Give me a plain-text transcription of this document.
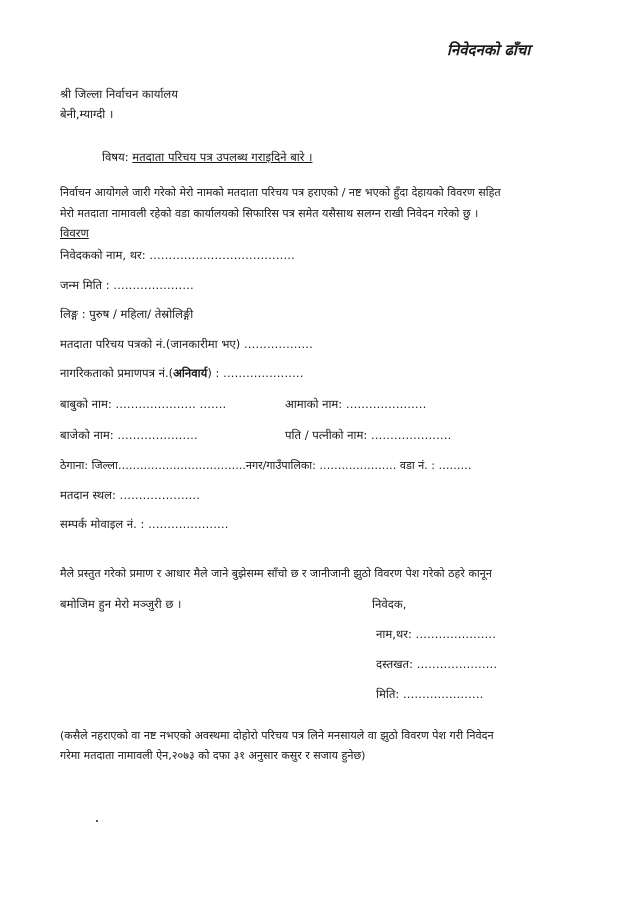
निवेदनको ढाँचा
श्री जिल्ला निर्वाचन कार्यालय
बेनी,म्याग्दी ।
विषय: मतदाता परिचय पत्र उपलब्ध गराइदिने बारे ।
निर्वाचन आयोगले जारी गरेको मेरो नामको मतदाता परिचय पत्र हराएको / नष्ट भएको हुँदा देहायको विवरण सहित
मेरो मतदाता नामावली रहेको वडा कार्यालयको सिफारिस पत्र समेत यसैसाथ सलग्न राखी निवेदन गरेको छु ।
विवरण
निवेदकको नाम, थर: ………………………………..
जन्म मिति : …………………
लिङ्ग : पुरुष / महिला/ तेस्रोलिङ्गी
मतदाता परिचय पत्रको नं.(जानकारीमा भए) ………………
नागरिकताको प्रमाणपत्र नं.(अनिवार्य) : …………………
बाबुको नाम: ………………… …….	आमाको नाम: …………………
बाजेको नाम: …………………	पति / पत्नीको नाम: …………………
ठेगाना: जिल्ला……………………………..नगर/गाउँपालिका: ………………… वडा नं. : ………
मतदान स्थल: …………………
सम्पर्क मोवाइल नं. : …………………
मैले प्रस्तुत गरेको प्रमाण र आधार मैले जाने बुझेसम्म साँचो छ र जानीजानी झुठो विवरण पेश गरेको ठहरे कानून
बमोजिम हुन मेरो मञ्जुरी छ ।	निवेदक,
नाम,थर: …………………
दस्तखत: …………………
मिति: …………………
(कसैले नहराएको वा नष्ट नभएको अवस्थमा दोहोरो परिचय पत्र लिने मनसायले वा झुठो विवरण पेश गरी निवेदन
गरेमा मतदाता नामावली ऐन,२०७३ को दफा ३१ अनुसार कसुर र सजाय हुनेछ)
